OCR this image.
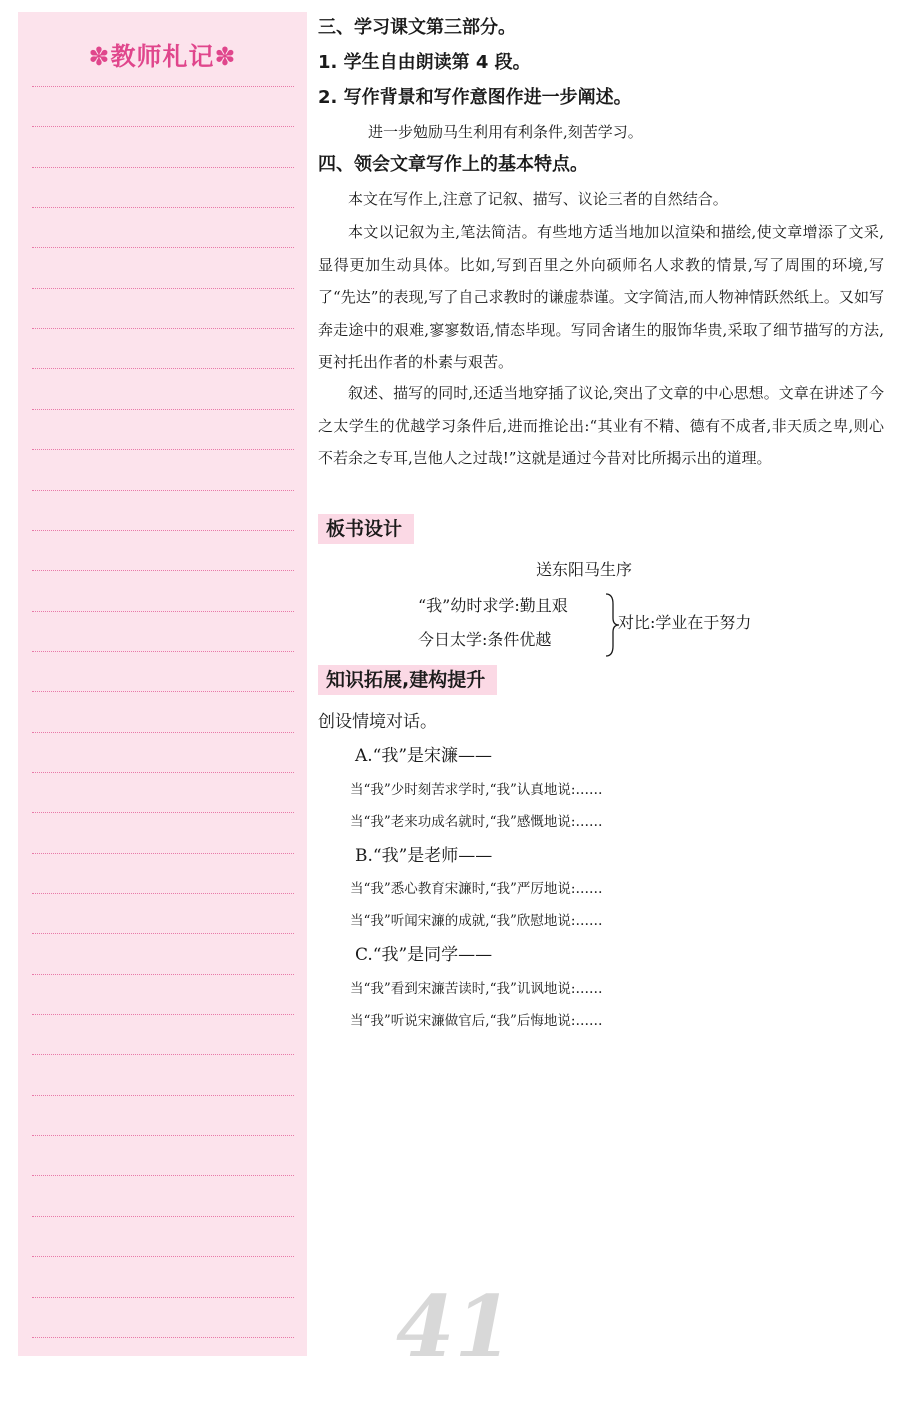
✽教师札记✽
三、学习课文第三部分。
1. 学生自由朗读第 4 段。
2. 写作背景和写作意图作进一步阐述。
进一步勉励马生利用有利条件,刻苦学习。
四、领会文章写作上的基本特点。
本文在写作上,注意了记叙、描写、议论三者的自然结合。
本文以记叙为主,笔法简洁。有些地方适当地加以渲染和描绘,使文章增添了文采,显得更加生动具体。比如,写到百里之外向硕师名人求教的情景,写了周围的环境,写了“先达”的表现,写了自己求教时的谦虚恭谨。文字简洁,而人物神情跃然纸上。又如写奔走途中的艰难,寥寥数语,情态毕现。写同舍诸生的服饰华贵,采取了细节描写的方法,更衬托出作者的朴素与艰苦。
叙述、描写的同时,还适当地穿插了议论,突出了文章的中心思想。文章在讲述了今之太学生的优越学习条件后,进而推论出:“其业有不精、德有不成者,非天质之卑,则心不若余之专耳,岂他人之过哉!”这就是通过今昔对比所揭示出的道理。
板书设计
送东阳马生序
“我”幼时求学:勤且艰
今日太学:条件优越
对比:学业在于努力
知识拓展,建构提升
创设情境对话。
A.“我”是宋濂——
当“我”少时刻苦求学时,“我”认真地说:……
当“我”老来功成名就时,“我”感慨地说:……
B.“我”是老师——
当“我”悉心教育宋濂时,“我”严厉地说:……
当“我”听闻宋濂的成就,“我”欣慰地说:……
C.“我”是同学——
当“我”看到宋濂苦读时,“我”讥讽地说:……
当“我”听说宋濂做官后,“我”后悔地说:……
41
